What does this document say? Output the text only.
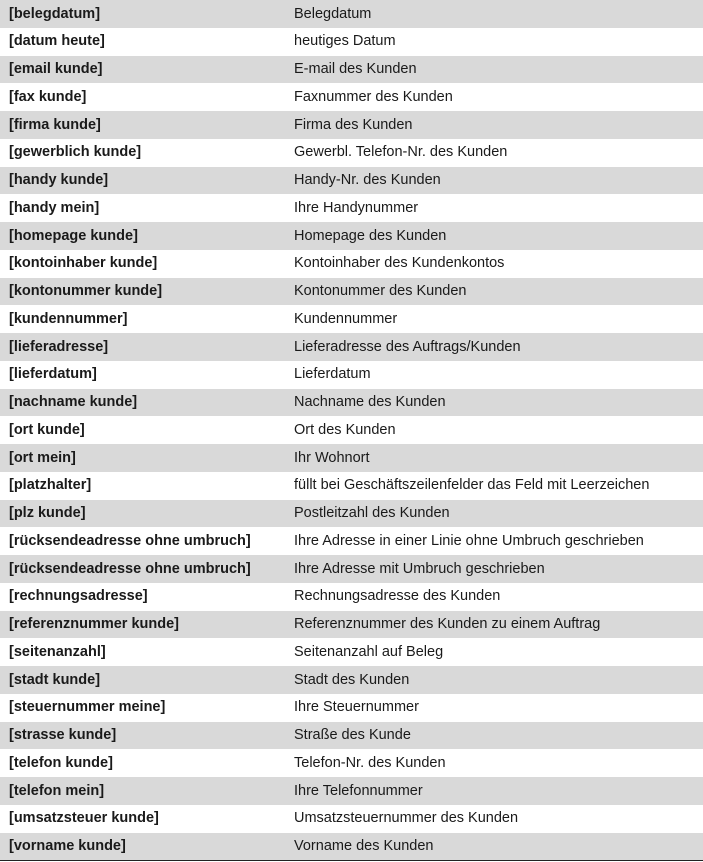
[belegdatum]	Belegdatum
[datum heute]	heutiges Datum
[email kunde]	E-mail des Kunden
[fax kunde]	Faxnummer des Kunden
[firma kunde]	Firma des Kunden
[gewerblich kunde]	Gewerbl. Telefon-Nr. des Kunden
[handy kunde]	Handy-Nr. des Kunden
[handy mein]	Ihre Handynummer
[homepage kunde]	Homepage des Kunden
[kontoinhaber kunde]	Kontoinhaber des Kundenkontos
[kontonummer kunde]	Kontonummer des Kunden
[kundennummer]	Kundennummer
[lieferadresse]	Lieferadresse des Auftrags/Kunden
[lieferdatum]	Lieferdatum
[nachname kunde]	Nachname des Kunden
[ort kunde]	Ort des Kunden
[ort mein]	Ihr Wohnort
[platzhalter]	füllt bei Geschäftszeilenfelder das Feld mit Leerzeichen
[plz kunde]	Postleitzahl des Kunden
[rücksendeadresse ohne umbruch]	Ihre Adresse in einer Linie ohne Umbruch geschrieben
[rücksendeadresse ohne umbruch]	Ihre Adresse mit Umbruch geschrieben
[rechnungsadresse]	Rechnungsadresse des Kunden
[referenznummer kunde]	Referenznummer des Kunden zu einem Auftrag
[seitenanzahl]	Seitenanzahl auf Beleg
[stadt kunde]	Stadt des Kunden
[steuernummer meine]	Ihre Steuernummer
[strasse kunde]	Straße des Kunde
[telefon kunde]	Telefon-Nr. des Kunden
[telefon mein]	Ihre Telefonnummer
[umsatzsteuer kunde]	Umsatzsteuernummer des Kunden
[vorname kunde]	Vorname des Kunden
